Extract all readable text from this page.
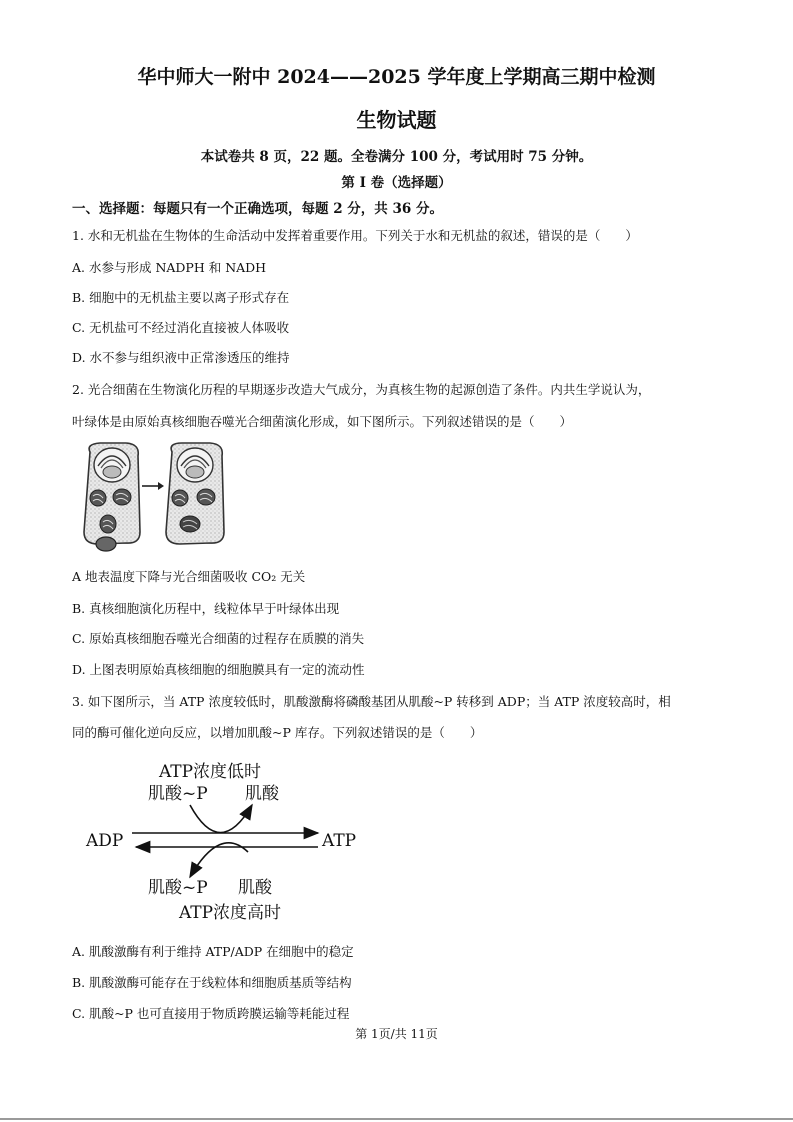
华中师大一附中 2024——2025 学年度上学期高三期中检测
生物试题
本试卷共 8 页，22 题。全卷满分 100 分，考试用时 75 分钟。
第 I 卷（选择题）
一、选择题：每题只有一个正确选项，每题 2 分，共 36 分。
1. 水和无机盐在生物体的生命活动中发挥着重要作用。下列关于水和无机盐的叙述，错误的是（　　）
A. 水参与形成 NADPH 和 NADH
B. 细胞中的无机盐主要以离子形式存在
C. 无机盐可不经过消化直接被人体吸收
D. 水不参与组织液中正常渗透压的维持
2. 光合细菌在生物演化历程的早期逐步改造大气成分，为真核生物的起源创造了条件。内共生学说认为，
叶绿体是由原始真核细胞吞噬光合细菌演化形成，如下图所示。下列叙述错误的是（　　）
A 地表温度下降与光合细菌吸收 CO₂ 无关
B. 真核细胞演化历程中，线粒体早于叶绿体出现
C. 原始真核细胞吞噬光合细菌的过程存在质膜的消失
D. 上图表明原始真核细胞的细胞膜具有一定的流动性
3. 如下图所示，当 ATP 浓度较低时，肌酸激酶将磷酸基团从肌酸~P 转移到 ADP；当 ATP 浓度较高时，相
同的酶可催化逆向反应，以增加肌酸~P 库存。下列叙述错误的是（　　）
ATP浓度低时
肌酸~P 肌酸
ADP	ATP
肌酸~P 肌酸
ATP浓度高时
A. 肌酸激酶有利于维持 ATP/ADP 在细胞中的稳定
B. 肌酸激酶可能存在于线粒体和细胞质基质等结构
C. 肌酸~P 也可直接用于物质跨膜运输等耗能过程
第 1页/共 11页
